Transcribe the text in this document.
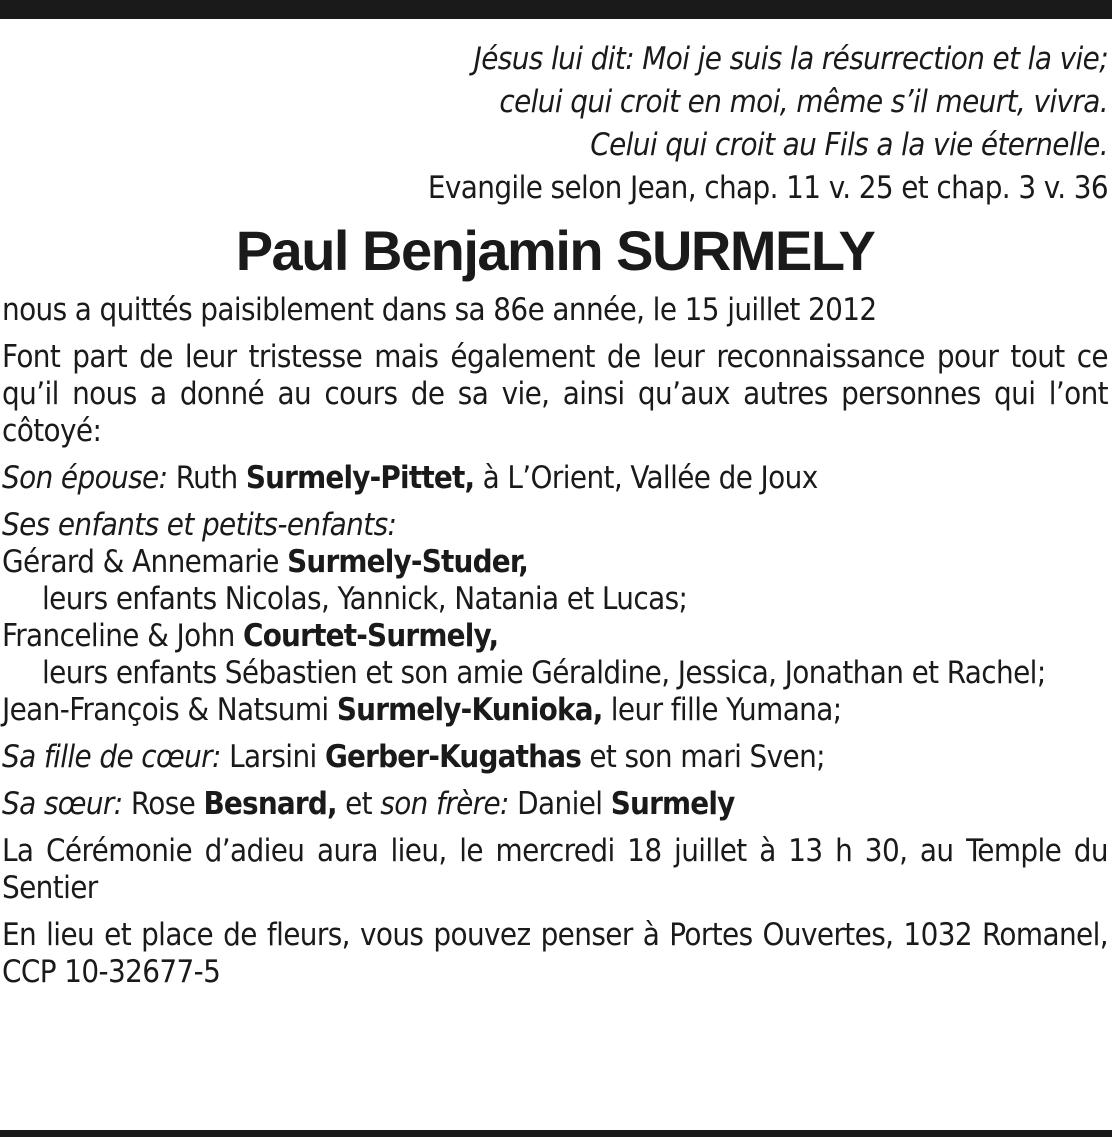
Jésus lui dit: Moi je suis la résurrection et la vie;
celui qui croit en moi, même s’il meurt, vivra.
Celui qui croit au Fils a la vie éternelle.
Evangile selon Jean, chap. 11 v. 25 et chap. 3 v. 36
Paul Benjamin SURMELY

nous a quittés paisiblement dans sa 86e année, le 15 juillet 2012

Font part de leur tristesse mais également de leur reconnaissance pour tout ce qu’il nous a donné au cours de sa vie, ainsi qu’aux autres personnes qui l’ont côtoyé:

Son épouse: Ruth Surmely-Pittet, à L’Orient, Vallée de Joux

Ses enfants et petits-enfants:
Gérard & Annemarie Surmely-Studer,
leurs enfants Nicolas, Yannick, Natania et Lucas;
Franceline & John Courtet-Surmely,
leurs enfants Sébastien et son amie Géraldine, Jessica, Jonathan et Rachel;
Jean-François & Natsumi Surmely-Kunioka, leur fille Yumana;

Sa fille de cœur: Larsini Gerber-Kugathas et son mari Sven;

Sa sœur: Rose Besnard, et son frère: Daniel Surmely

La Cérémonie d’adieu aura lieu, le mercredi 18 juillet à 13 h 30, au Temple du Sentier

En lieu et place de fleurs, vous pouvez penser à Portes Ouvertes, 1032 Romanel, CCP 10-32677-5
